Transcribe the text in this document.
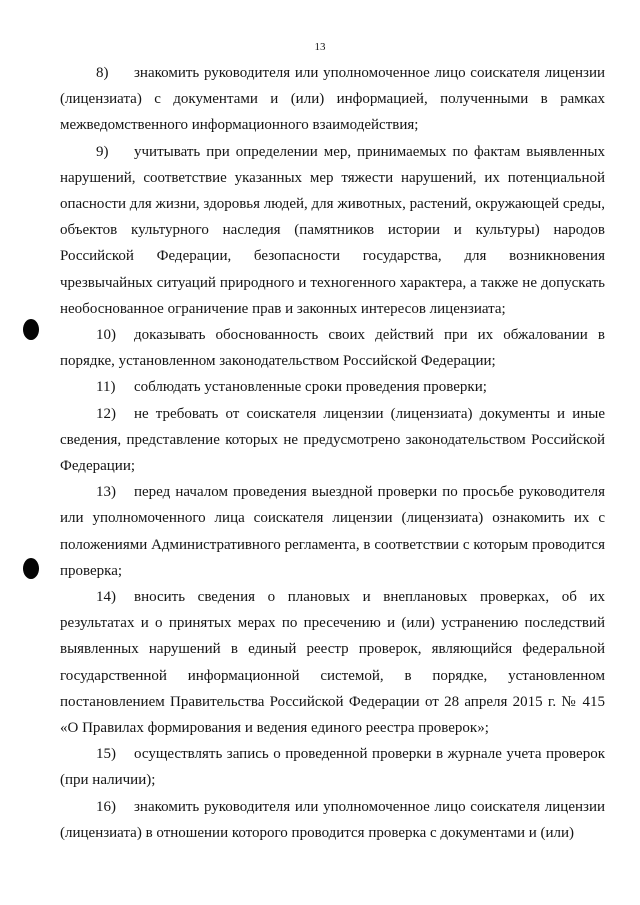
13

8) знакомить руководителя или уполномоченное лицо соискателя лицензии (лицензиата) с документами и (или) информацией, полученными в рамках межведомственного информационного взаимодействия;

9) учитывать при определении мер, принимаемых по фактам выявленных нарушений, соответствие указанных мер тяжести нарушений, их потенциальной опасности для жизни, здоровья людей, для животных, растений, окружающей среды, объектов культурного наследия (памятников истории и культуры) народов Российской Федерации, безопасности государства, для возникновения чрезвычайных ситуаций природного и техногенного характера, а также не допускать необоснованное ограничение прав и законных интересов лицензиата;

10) доказывать обоснованность своих действий при их обжаловании в порядке, установленном законодательством Российской Федерации;

11) соблюдать установленные сроки проведения проверки;

12) не требовать от соискателя лицензии (лицензиата) документы и иные сведения, представление которых не предусмотрено законодательством Российской Федерации;

13) перед началом проведения выездной проверки по просьбе руководителя или уполномоченного лица соискателя лицензии (лицензиата) ознакомить их с положениями Административного регламента, в соответствии с которым проводится проверка;

14) вносить сведения о плановых и внеплановых проверках, об их результатах и о принятых мерах по пресечению и (или) устранению последствий выявленных нарушений в единый реестр проверок, являющийся федеральной государственной информационной системой, в порядке, установленном постановлением Правительства Российской Федерации от 28 апреля 2015 г. № 415 «О Правилах формирования и ведения единого реестра проверок»;

15) осуществлять запись о проведенной проверки в журнале учета проверок (при наличии);

16) знакомить руководителя или уполномоченное лицо соискателя лицензии (лицензиата) в отношении которого проводится проверка с документами и (или)
